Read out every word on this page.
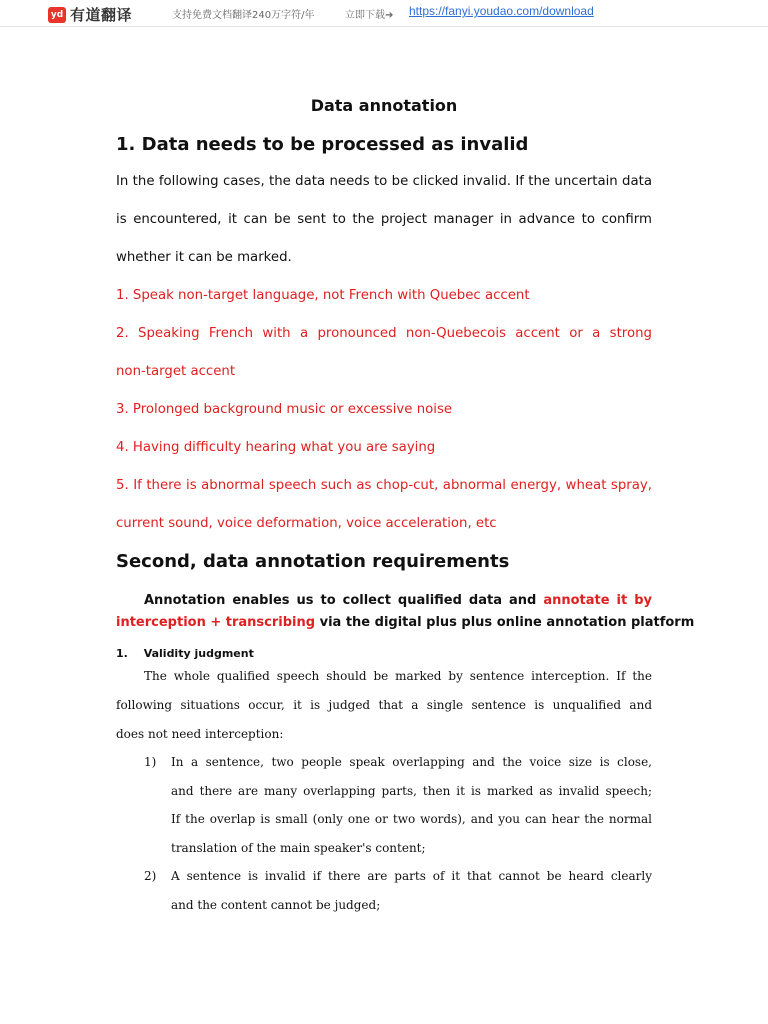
yd 有道翻译	支持免费文档翻译240万字符/年	立即下载➔ https://fanyi.youdao.com/download
Data annotation
1. Data needs to be processed as invalid
In the following cases, the data needs to be clicked invalid. If the uncertain data
is encountered, it can be sent to the project manager in advance to confirm
whether it can be marked.
1. Speak non-target language, not French with Quebec accent
2. Speaking French with a pronounced non-Quebecois accent or a strong
non-target accent
3. Prolonged background music or excessive noise
4. Having difficulty hearing what you are saying
5. If there is abnormal speech such as chop-cut, abnormal energy, wheat spray,
current sound, voice deformation, voice acceleration, etc
Second, data annotation requirements
Annotation enables us to collect qualified data and annotate it by
interception + transcribing via the digital plus plus online annotation platform
1. Validity judgment
The whole qualified speech should be marked by sentence interception. If the
following situations occur, it is judged that a single sentence is unqualified and
does not need interception:
1) In a sentence, two people speak overlapping and the voice size is close,
and there are many overlapping parts, then it is marked as invalid speech;
If the overlap is small (only one or two words), and you can hear the normal
translation of the main speaker's content;
2) A sentence is invalid if there are parts of it that cannot be heard clearly
and the content cannot be judged;
